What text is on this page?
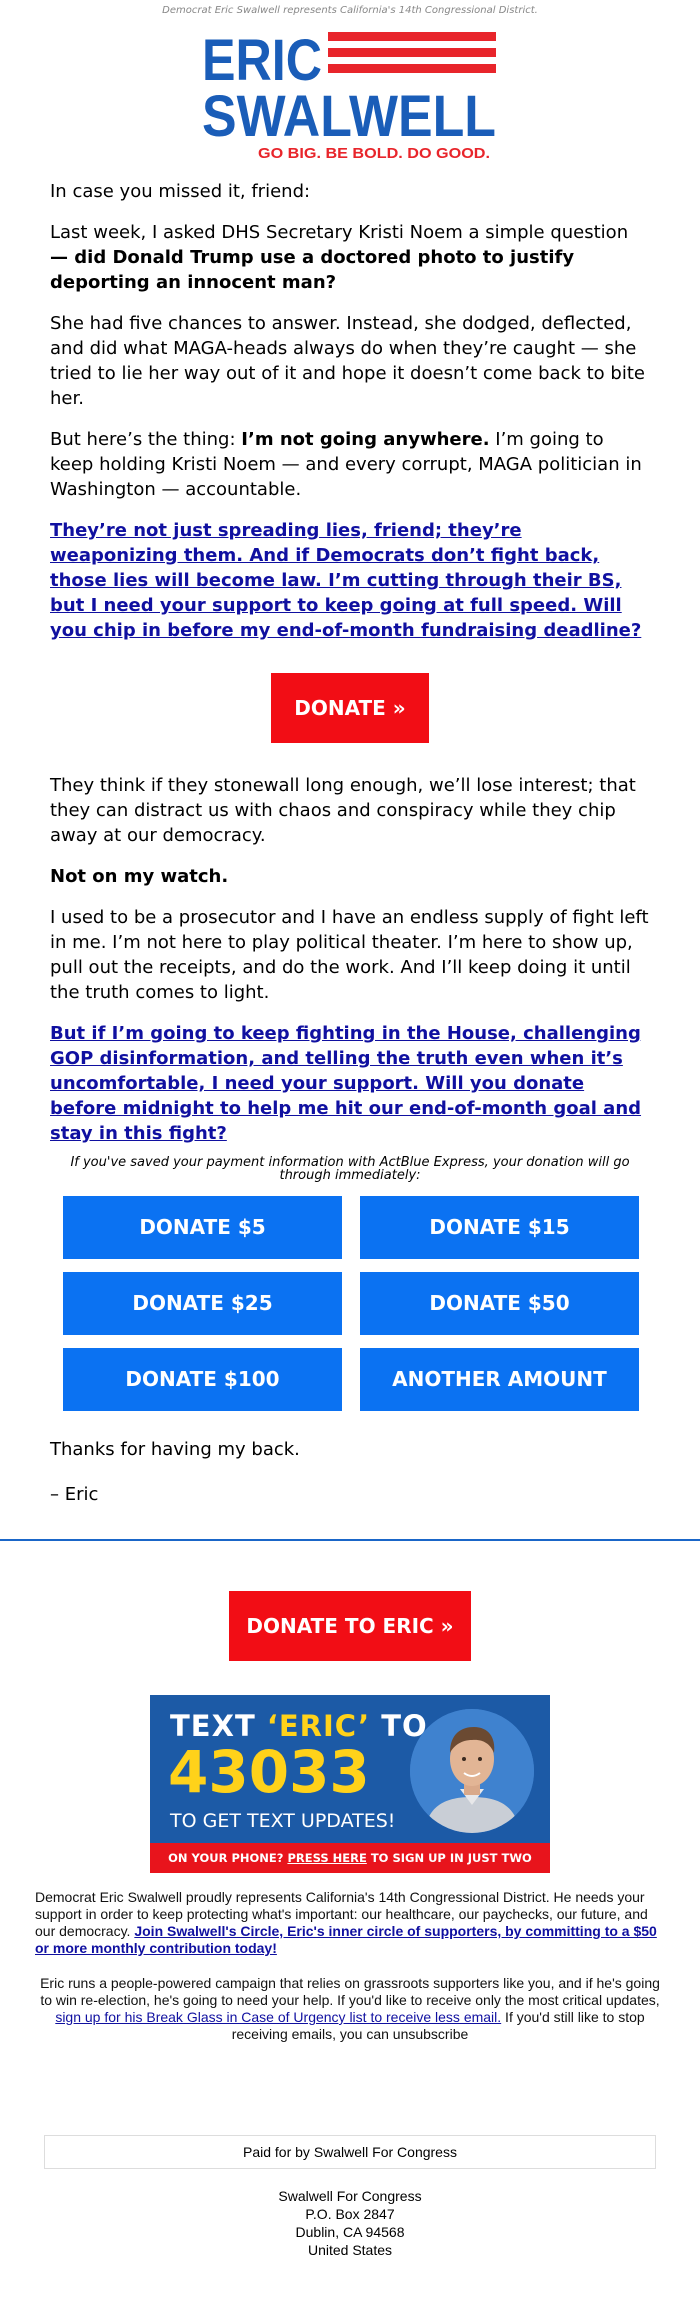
Democrat Eric Swalwell represents California's 14th Congressional District.
ERIC
SWALWELL
GO BIG. BE BOLD. DO GOOD.

In case you missed it, friend:

Last week, I asked DHS Secretary Kristi Noem a simple question — did Donald Trump use a doctored photo to justify deporting an innocent man?

She had five chances to answer. Instead, she dodged, deflected, and did what MAGA-heads always do when they’re caught — she tried to lie her way out of it and hope it doesn’t come back to bite her.

But here’s the thing: I’m not going anywhere. I’m going to keep holding Kristi Noem — and every corrupt, MAGA politician in Washington — accountable.

They’re not just spreading lies, friend; they’re weaponizing them. And if Democrats don’t fight back, those lies will become law. I’m cutting through their BS, but I need your support to keep going at full speed. Will you chip in before my end-of-month fundraising deadline?

DONATE »

They think if they stonewall long enough, we’ll lose interest; that they can distract us with chaos and conspiracy while they chip away at our democracy.

Not on my watch.

I used to be a prosecutor and I have an endless supply of fight left in me. I’m not here to play political theater. I’m here to show up, pull out the receipts, and do the work. And I’ll keep doing it until the truth comes to light.

But if I’m going to keep fighting in the House, challenging GOP disinformation, and telling the truth even when it’s uncomfortable, I need your support. Will you donate before midnight to help me hit our end-of-month goal and stay in this fight?

If you've saved your payment information with ActBlue Express, your donation will go through immediately:
DONATE $5	DONATE $15
DONATE $25	DONATE $50
DONATE $100	ANOTHER AMOUNT

Thanks for having my back.

– Eric

DONATE TO ERIC »
TEXT ‘ERIC’ TO
43033
TO GET TEXT UPDATES!
ON YOUR PHONE? PRESS HERE TO SIGN UP IN JUST TWO

Democrat Eric Swalwell proudly represents California's 14th Congressional District. He needs your support in order to keep protecting what's important: our healthcare, our paychecks, our future, and our democracy. Join Swalwell's Circle, Eric's inner circle of supporters, by committing to a $50 or more monthly contribution today!

Eric runs a people-powered campaign that relies on grassroots supporters like you, and if he's going to win re-election, he's going to need your help. If you'd like to receive only the most critical updates, sign up for his Break Glass in Case of Urgency list to receive less email. If you'd still like to stop receiving emails, you can unsubscribe

Paid for by Swalwell For Congress
Swalwell For Congress
P.O. Box 2847
Dublin, CA 94568
United States
